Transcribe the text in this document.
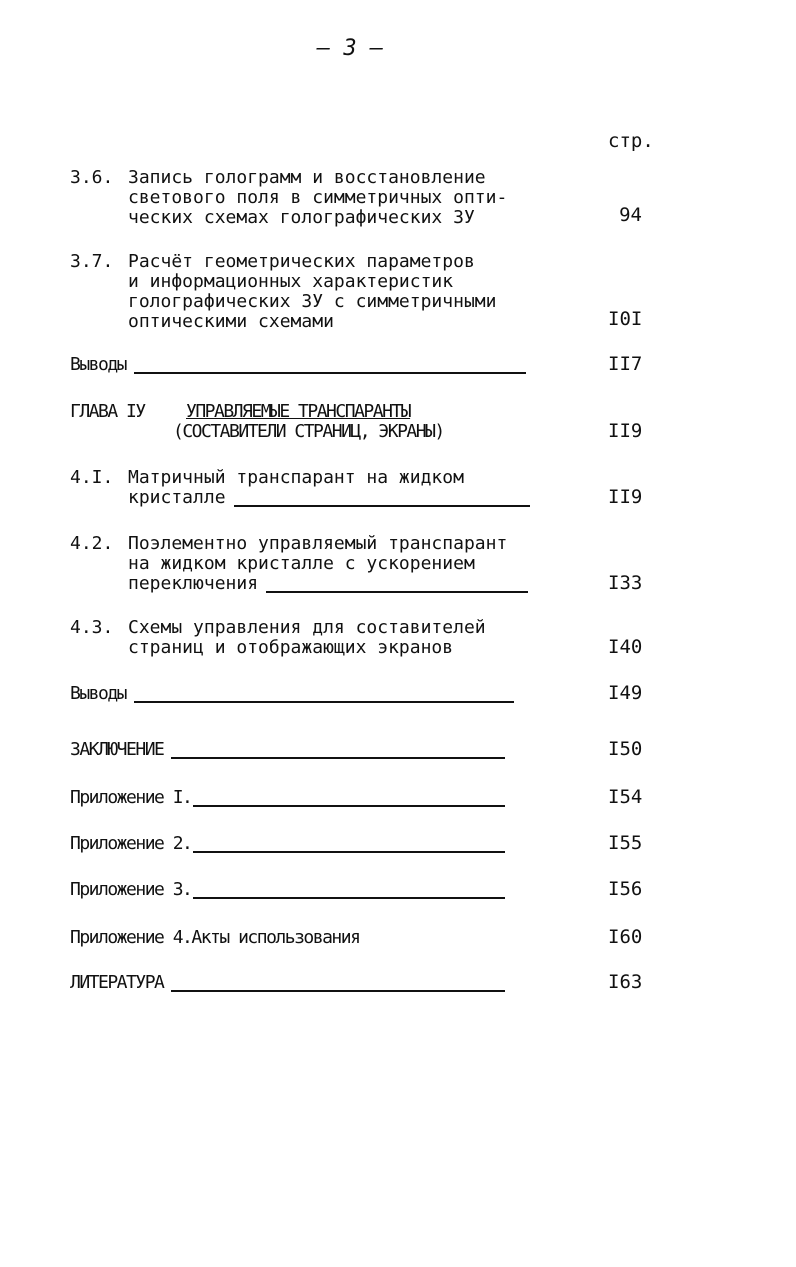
— 3 —
стр.
3.6. Запись голограмм и восстановление
светового поля в симметричных опти-
ческих схемах голографических ЗУ	94
3.7. Расчёт геометрических параметров
и информационных характеристик
голографических ЗУ с симметричными
оптическими схемами	I0I
Выводы	II7
ГЛАВА IУ	УПРАВЛЯЕМЫЕ ТРАНСПАРАНТЫ
(СОСТАВИТЕЛИ СТРАНИЦ, ЭКРАНЫ)	II9
4.I. Матричный транспарант на жидком
кристалле	II9
4.2. Поэлементно управляемый транспарант
на жидком кристалле с ускорением
переключения	I33
4.3. Схемы управления для составителей
страниц и отображающих экранов	I40
Выводы	I49
ЗАКЛЮЧЕНИЕ	I50
Приложение I.	I54
Приложение 2.	I55
Приложение 3.	I56
Приложение 4.Акты использования	I60
ЛИТЕРАТУРА	I63
